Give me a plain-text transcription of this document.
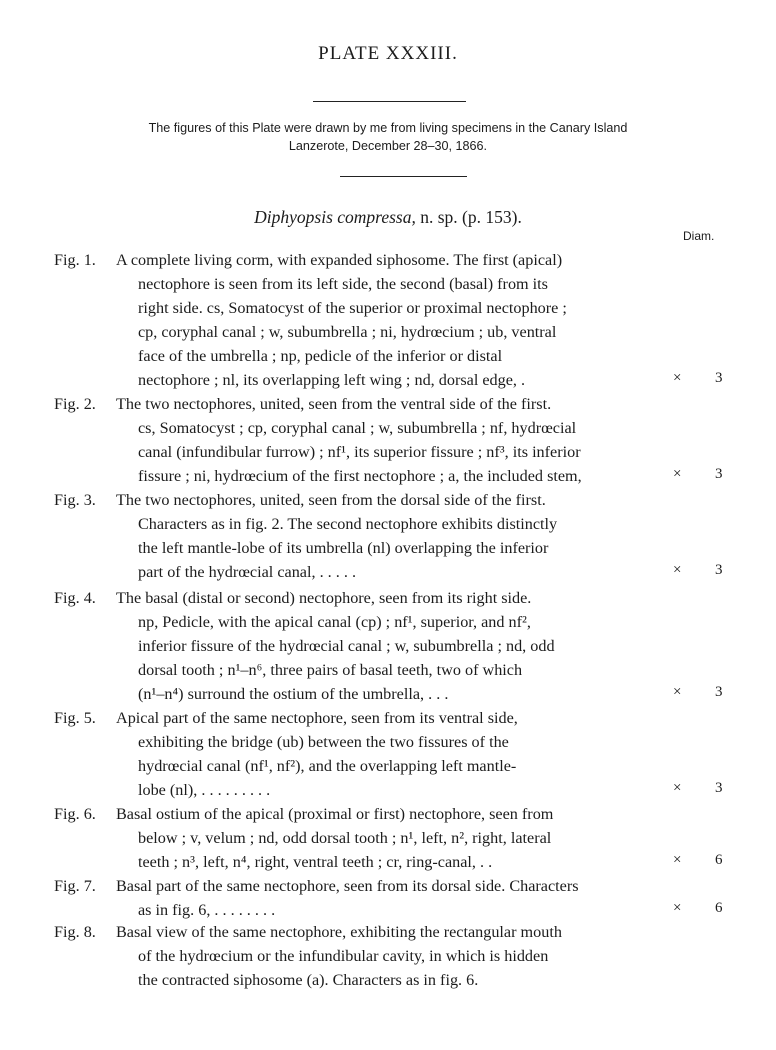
PLATE XXXIII.
The figures of this Plate were drawn by me from living specimens in the Canary Island
Lanzerote, December 28–30, 1866.
Diphyopsis compressa, n. sp. (p. 153).
Diam.
Fig. 1. A complete living corm, with expanded siphosome. The first (apical)
nectophore is seen from its left side, the second (basal) from its
right side. cs, Somatocyst of the superior or proximal nectophore ;
cp, coryphal canal ; w, subumbrella ; ni, hydrœcium ; ub, ventral
face of the umbrella ; np, pedicle of the inferior or distal
nectophore ; nl, its overlapping left wing ; nd, dorsal edge, .	× 3
Fig. 2. The two nectophores, united, seen from the ventral side of the first.
cs, Somatocyst ; cp, coryphal canal ; w, subumbrella ; nf, hydrœcial
canal (infundibular furrow) ; nf¹, its superior fissure ; nf³, its inferior
fissure ; ni, hydrœcium of the first nectophore ; a, the included stem,	× 3
Fig. 3. The two nectophores, united, seen from the dorsal side of the first.
Characters as in fig. 2. The second nectophore exhibits distinctly
the left mantle-lobe of its umbrella (nl) overlapping the inferior
part of the hydrœcial canal, . . . . .	× 3
Fig. 4. The basal (distal or second) nectophore, seen from its right side.
np, Pedicle, with the apical canal (cp) ; nf¹, superior, and nf²,
inferior fissure of the hydrœcial canal ; w, subumbrella ; nd, odd
dorsal tooth ; n¹–n⁶, three pairs of basal teeth, two of which
(n¹–n⁴) surround the ostium of the umbrella, . . .	× 3
Fig. 5. Apical part of the same nectophore, seen from its ventral side,
exhibiting the bridge (ub) between the two fissures of the
hydrœcial canal (nf¹, nf²), and the overlapping left mantle-
lobe (nl), . . . . . . . . .	× 3
Fig. 6. Basal ostium of the apical (proximal or first) nectophore, seen from
below ; v, velum ; nd, odd dorsal tooth ; n¹, left, n², right, lateral
teeth ; n³, left, n⁴, right, ventral teeth ; cr, ring-canal, . .	× 6
Fig. 7. Basal part of the same nectophore, seen from its dorsal side. Characters
as in fig. 6, . . . . . . . .	× 6
Fig. 8. Basal view of the same nectophore, exhibiting the rectangular mouth
of the hydrœcium or the infundibular cavity, in which is hidden
the contracted siphosome (a). Characters as in fig. 6.
